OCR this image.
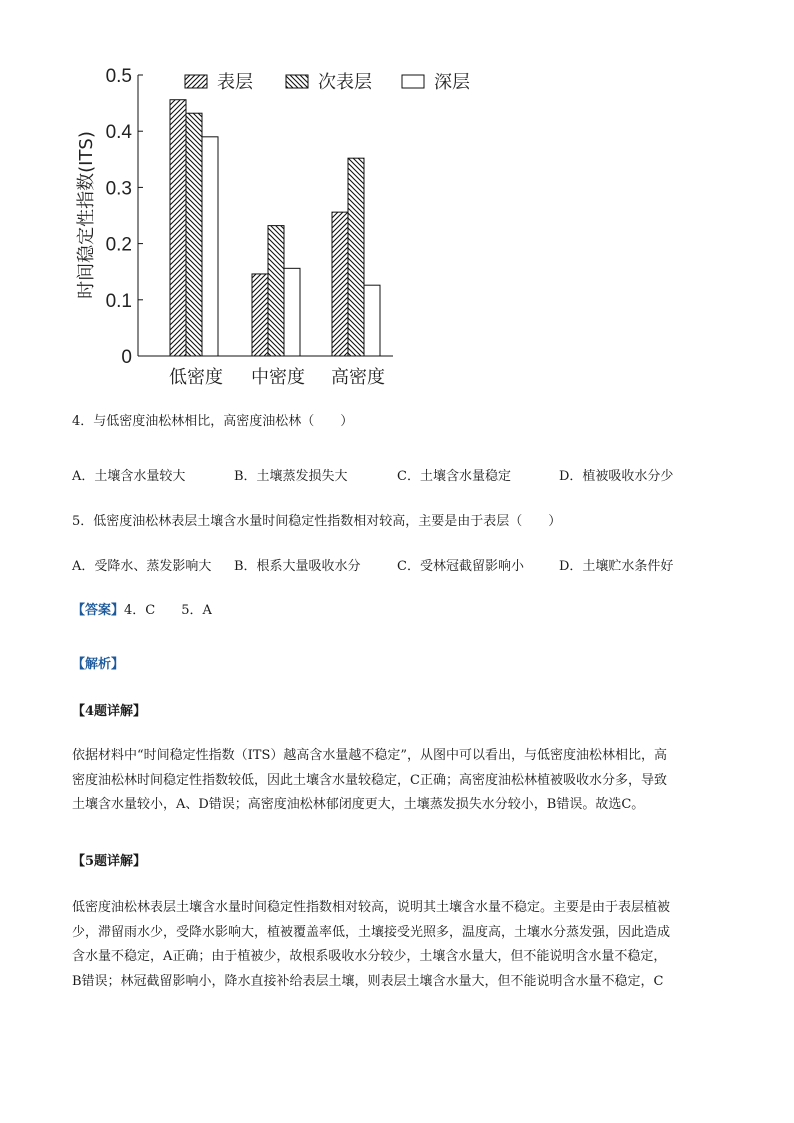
0
0.1
0.2
0.3
0.4
0.5
低密度 中密度 高密度
表层	次表层	深层
时间稳定性指数(ITS)
4．与低密度油松林相比，高密度油松林（　　）
A．土壤含水量较大	B．土壤蒸发损失大	C．土壤含水量稳定	D．植被吸收水分少
5．低密度油松林表层土壤含水量时间稳定性指数相对较高，主要是由于表层（　　）
A．受降水、蒸发影响大 B．根系大量吸收水分	C．受林冠截留影响小	D．土壤贮水条件好
【答案】4．C　　5．A
【解析】
【4题详解】
依据材料中“时间稳定性指数（ITS）越高含水量越不稳定”，从图中可以看出，与低密度油松林相比，高
密度油松林时间稳定性指数较低，因此土壤含水量较稳定，C正确；高密度油松林植被吸收水分多，导致
土壤含水量较小，A、D错误；高密度油松林郁闭度更大，土壤蒸发损失水分较小，B错误。故选C。
【5题详解】
低密度油松林表层土壤含水量时间稳定性指数相对较高，说明其土壤含水量不稳定。主要是由于表层植被
少，滞留雨水少，受降水影响大，植被覆盖率低，土壤接受光照多，温度高，土壤水分蒸发强，因此造成
含水量不稳定，A正确；由于植被少，故根系吸收水分较少，土壤含水量大，但不能说明含水量不稳定，
B错误；林冠截留影响小，降水直接补给表层土壤，则表层土壤含水量大，但不能说明含水量不稳定，C
